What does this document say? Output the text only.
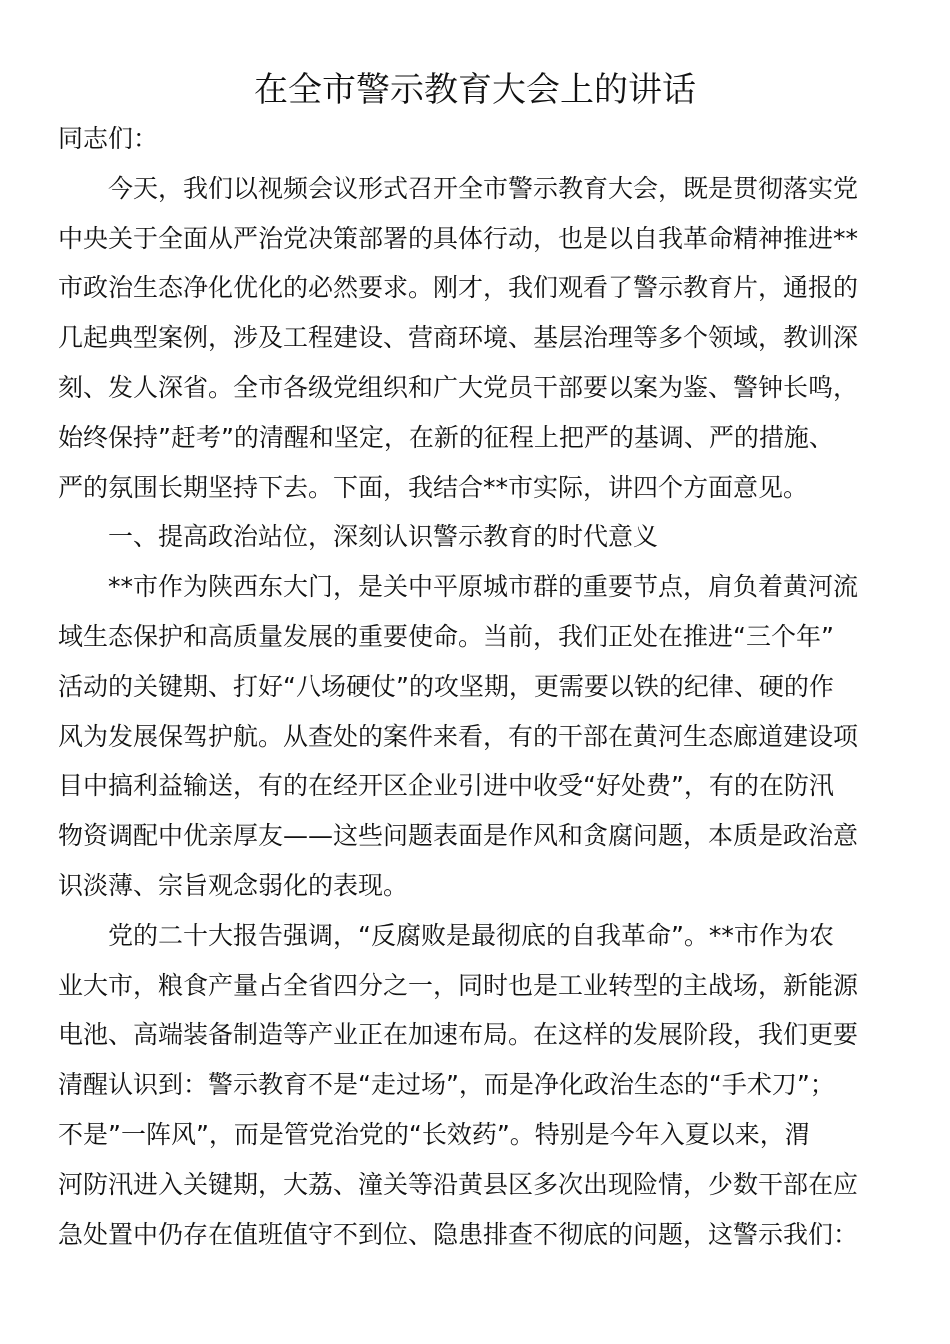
在全市警示教育大会上的讲话
同志们：
今天，我们以视频会议形式召开全市警示教育大会，既是贯彻落实党
中央关于全面从严治党决策部署的具体行动，也是以自我革命精神推进**
市政治生态净化优化的必然要求。刚才，我们观看了警示教育片，通报的
几起典型案例，涉及工程建设、营商环境、基层治理等多个领域，教训深
刻、发人深省。全市各级党组织和广大党员干部要以案为鉴、警钟长鸣，
始终保持”赶考”的清醒和坚定，在新的征程上把严的基调、严的措施、
严的氛围长期坚持下去。下面，我结合**市实际，讲四个方面意见。
一、提高政治站位，深刻认识警示教育的时代意义
**市作为陕西东大门，是关中平原城市群的重要节点，肩负着黄河流
域生态保护和高质量发展的重要使命。当前，我们正处在推进“三个年”
活动的关键期、打好“八场硬仗”的攻坚期，更需要以铁的纪律、硬的作
风为发展保驾护航。从查处的案件来看，有的干部在黄河生态廊道建设项
目中搞利益输送，有的在经开区企业引进中收受“好处费”，有的在防汛
物资调配中优亲厚友——这些问题表面是作风和贪腐问题，本质是政治意
识淡薄、宗旨观念弱化的表现。
党的二十大报告强调，“反腐败是最彻底的自我革命”。**市作为农
业大市，粮食产量占全省四分之一，同时也是工业转型的主战场，新能源
电池、高端装备制造等产业正在加速布局。在这样的发展阶段，我们更要
清醒认识到：警示教育不是“走过场”，而是净化政治生态的“手术刀”；
不是”一阵风”，而是管党治党的“长效药”。特别是今年入夏以来，渭
河防汛进入关键期，大荔、潼关等沿黄县区多次出现险情，少数干部在应
急处置中仍存在值班值守不到位、隐患排查不彻底的问题，这警示我们：
